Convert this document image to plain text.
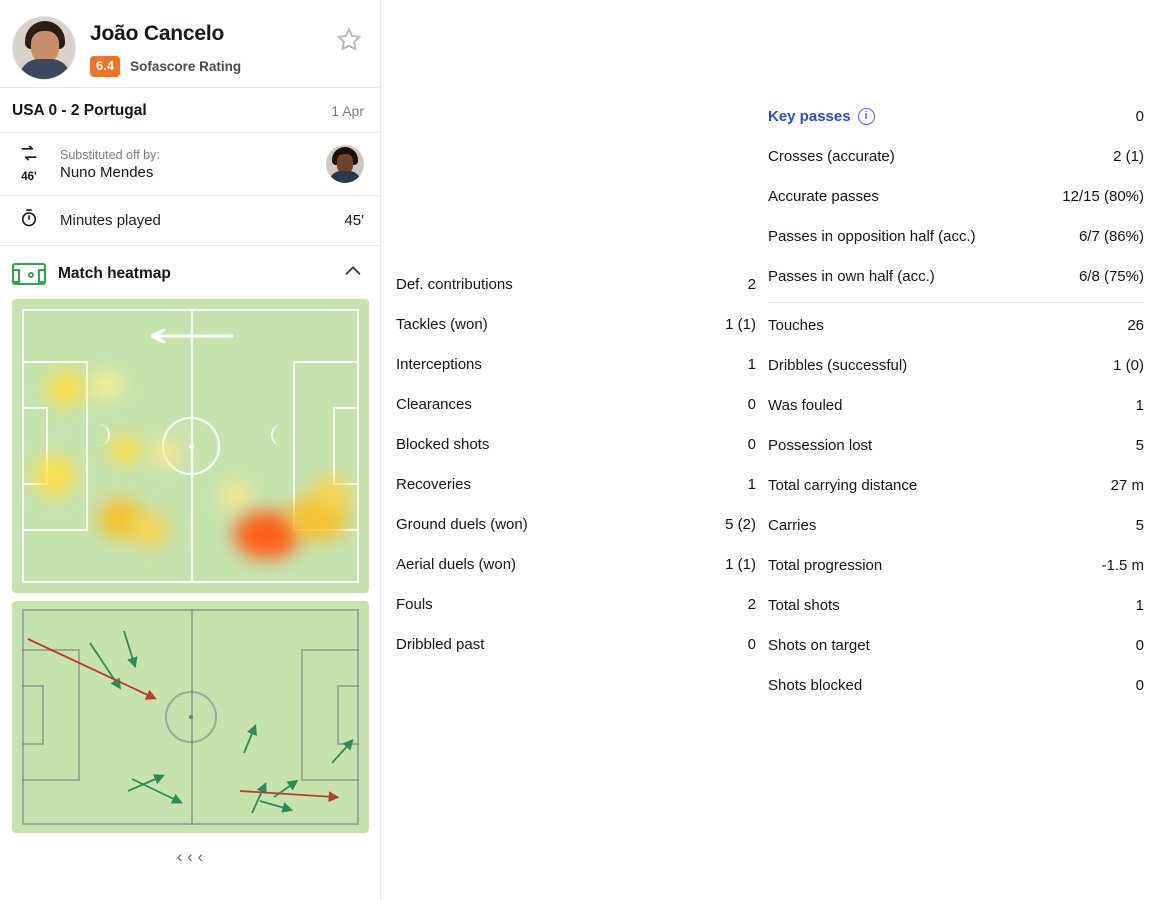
João Cancelo
6.4	Sofascore Rating
USA 0 - 2 Portugal	1 Apr
46'
Substituted off by:
Nuno Mendes
Minutes played	45'
Match heatmap
‹ ‹ ‹
Def. contributions	2
Tackles (won)	1 (1)
Interceptions	1
Clearances	0
Blocked shots	0
Recoveries	1
Ground duels (won)	5 (2)
Aerial duels (won)	1 (1)
Fouls	2
Dribbled past	0
Key passes	i	0
Crosses (accurate)	2 (1)
Accurate passes	12/15 (80%)
Passes in opposition half (acc.)	6/7 (86%)
Passes in own half (acc.)	6/8 (75%)
Touches	26
Dribbles (successful)	1 (0)
Was fouled	1
Possession lost	5
Total carrying distance	27 m
Carries	5
Total progression	-1.5 m
Total shots	1
Shots on target	0
Shots blocked	0
